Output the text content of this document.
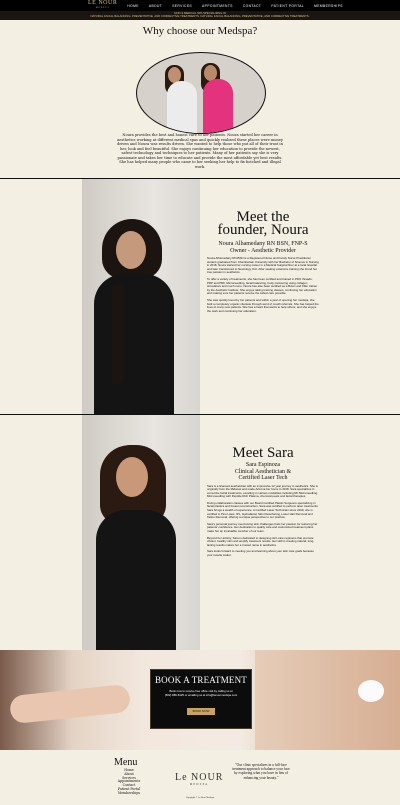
LE NOUR
MEDSPA	HOME	ABOUT	SERVICES	APPOINTMENTS	CONTACT	PATIENT PORTAL	MEMBERSHIPS
SKIN & MEDICAL SPA SPECIALIZING IN
NATURAL FACIAL BALANCING, PREVENTATIVE, AND CORRECTIVE TREATMENTS. NATURAL FACIAL BALANCING, PREVENTATIVE, AND CORRECTIVE TREATMENTS.
Why choose our Medspa?
Noura provides the best and honest care to her patients. Noura started her career in aesthetics working at different medical spas and quickly realized these places were money driven and Noura was results driven. She wanted to help those who put all of their trust in her, look and feel beautiful. She enjoys continuing her education to provide the newest, safest technology and techniques to her patients. Many of her patients say she is very passionate and takes her time to educate and provide the most affordable yet best results. She has helped many people who came to her seeking her help to fix botched and illegal work.
Meet the
founder, Noura
Noura Alhamedany RN BSN, FNP-S
Owner - Aesthetic Provider
Noura Alhamedany RN-BSN is a Registered Nurse and Family Nurse Practitioner student graduated from Chamberlain University with her Bachelor of Science in Nursing in 2018. Noura started her nursing career in a Medical Surgical floor at a local hospital and later transitioned to Neurology ICU. After seeking extensive training she found her true passion in aesthetics.
To offer a variety of treatments, she has been certified and trained in PDO threads, PRP and PRF, Microneedling, facial balancing, body contouring using collagen stimulators and much more. Noura has also been certified as a Botox and Filler trainer by the Aesthetic Institute. She enjoys taking training classes, continuing her education and making sure her patients receive the safest care possible.
She was quickly loved by her patients and within a year of opening her medspa, she built a completely organic clientele through word of mouth referrals. She has helped the lives of many new patients. She has a heart that wants to help others, and she enjoys the work and continuing her education.
Meet Sara
Sara Espinoza
Clinical Aesthetician &
Certified Laser Tech
Sara is a licensed aesthetician with an impressive 12 year journey in aesthetics. She is originally from the Midwest and made Arizona her home in 2018. Sara specializes in corrective facial treatments, excelling in various modalities including RF Microneedling, Microneedling with Peptide Rich Plasma, chemical peels and facial therapies.
During collaboration classes with our Board Certified Plastic Surgeons specializing in facial plastics and breast reconstruction, Sara was certified to perform laser treatments. Sara brings a wealth of experience. A Certified Laser Technician since 2019, she is certified in Pico Laser, IPL, Hydrafacial, Skin Resurfacing, Laser Hair Removal and Tattoo Removal, offering a unique perspective to our practice.
Sara's personal journey overcoming skin challenges fuels her passion for restoring her patients' confidence. Her dedication to quality care and customized treatment plans make her an invaluable member of our team.
Beyond her artistry, Sara is dedicated to designing skin care regimens that promote vibrant, healthy skin and amplify treatment results. Her skill in creating natural, long-lasting results makes her a trusted name in aesthetics.
Sara looks forward to meeting you and learning about your skin care goals because your results matter.
BOOK A TREATMENT
Book now to receive free office visit by calling us at
(602) 886-6425 or emailing us at info@lenourmedspa.com
BOOK NOW
Menu
Home
About
Services
Appointments
Contact
Patient Portal
Memberships
Le NOUR
MEDSPA
"Our clinic specializes in a full-face treatment approach to balance your face by exploring what you have in lieu of enhancing your beauty."
Copyright © Le Nour Medspa
